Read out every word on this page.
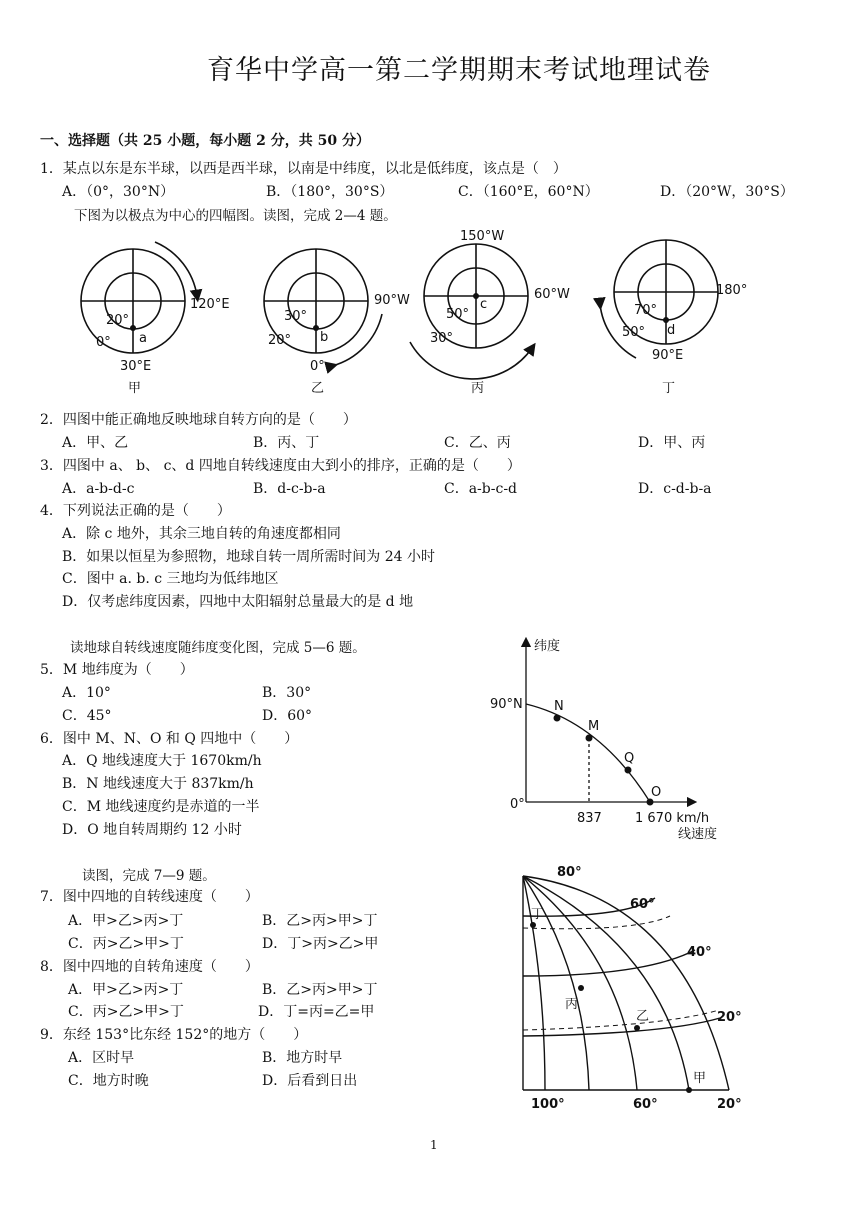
育华中学高一第二学期期末考试地理试卷
一、选择题（共 25 小题，每小题 2 分，共 50 分）
1．某点以东是东半球，以西是西半球，以南是中纬度，以北是低纬度，该点是（　）
A．（0°，30°N）	B．（180°，30°S）	C．（160°E，60°N）	D．（20°W，30°S）
下图为以极点为中心的四幅图。读图，完成 2—4 题。
120°E
20°
0° a
30°E
甲
90°W
30°
20° b
0°
乙
150°W
60°W
50°
30°
c
丙
180°
70°
50° d
90°E
丁
2．四图中能正确地反映地球自转方向的是（　　）
A．甲、乙	B．丙、丁	C．乙、丙	D．甲、丙
3．四图中 a、 b、 c、d 四地自转线速度由大到小的排序，正确的是（　　）
A．a-b-d-c	B．d-c-b-a	C．a-b-c-d	D．c-d-b-a
4．下列说法正确的是（　　）
A．除 c 地外，其余三地自转的角速度都相同
B．如果以恒星为参照物，地球自转一周所需时间为 24 小时
C．图中 a. b. c 三地均为低纬地区
D．仅考虑纬度因素，四地中太阳辐射总量最大的是 d 地
读地球自转线速度随纬度变化图，完成 5—6 题。
5．M 地纬度为（　　）
A．10°	B．30°
C．45°	D．60°
6．图中 M、N、O 和 Q 四地中（　　）
A．Q 地线速度大于 1670km/h
B．N 地线速度大于 837km/h
C．M 地线速度约是赤道的一半
D．O 地自转周期约 12 小时
纬度
90°N
0°
N
M
Q
O
837	1 670 km/h
线速度
读图，完成 7—9 题。
7．图中四地的自转线速度（　　）
A．甲>乙>丙>丁	B．乙>丙>甲>丁
C．丙>乙>甲>丁	D．丁>丙>乙>甲
8．图中四地的自转角速度（　　）
A．甲>乙>丙>丁	B．乙>丙>甲>丁
C．丙>乙>甲>丁	D．丁=丙=乙=甲
9．东经 153°比东经 152°的地方（　　）
A．区时早	B．地方时早
C．地方时晚	D．后看到日出
80°
60°
40°
20°
100°	60°	20°
丁
丙
乙
甲
1
